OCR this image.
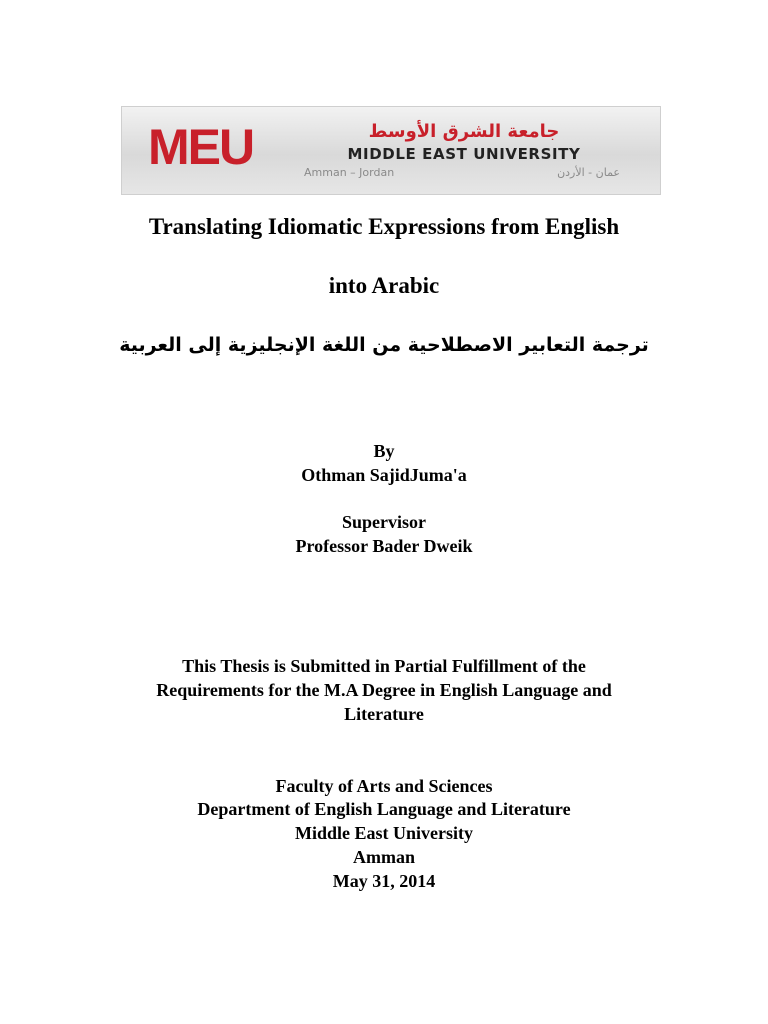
MEU	جامعة الشرق الأوسط
MIDDLE EAST UNIVERSITY
Amman – Jordan	عمان - الأردن
Translating Idiomatic Expressions from English
into Arabic
ترجمة التعابير الاصطلاحية من اللغة الإنجليزية إلى العربية
By
Othman SajidJuma'a
Supervisor
Professor Bader Dweik
This Thesis is Submitted in Partial Fulfillment of the
Requirements for the M.A Degree in English Language and
Literature
Faculty of Arts and Sciences
Department of English Language and Literature
Middle East University
Amman
May 31, 2014
